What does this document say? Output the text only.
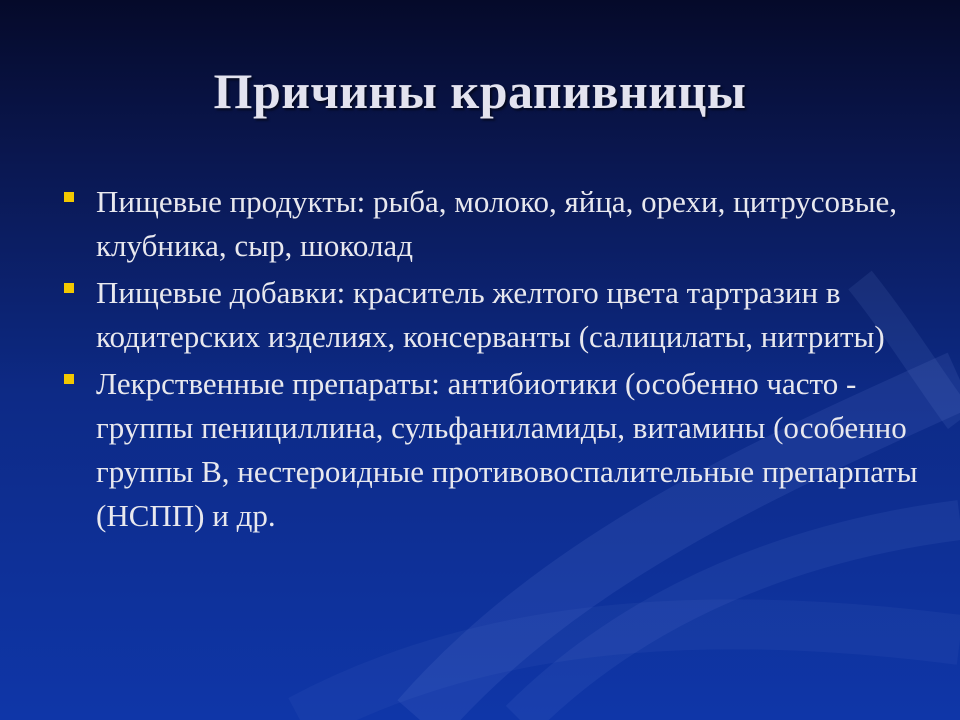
Причины крапивницы
Пищевые продукты: рыба, молоко, яйца, орехи, цитрусовые, клубника, сыр, шоколад
Пищевые добавки: краситель желтого цвета тартразин в кодитерских изделиях, консерванты (салицилаты, нитриты)
Лекрственные препараты: антибиотики (особенно часто - группы пенициллина, сульфаниламиды, витамины (особенно группы В, нестероидные противовоспалительные препарпаты (НСПП) и др.
